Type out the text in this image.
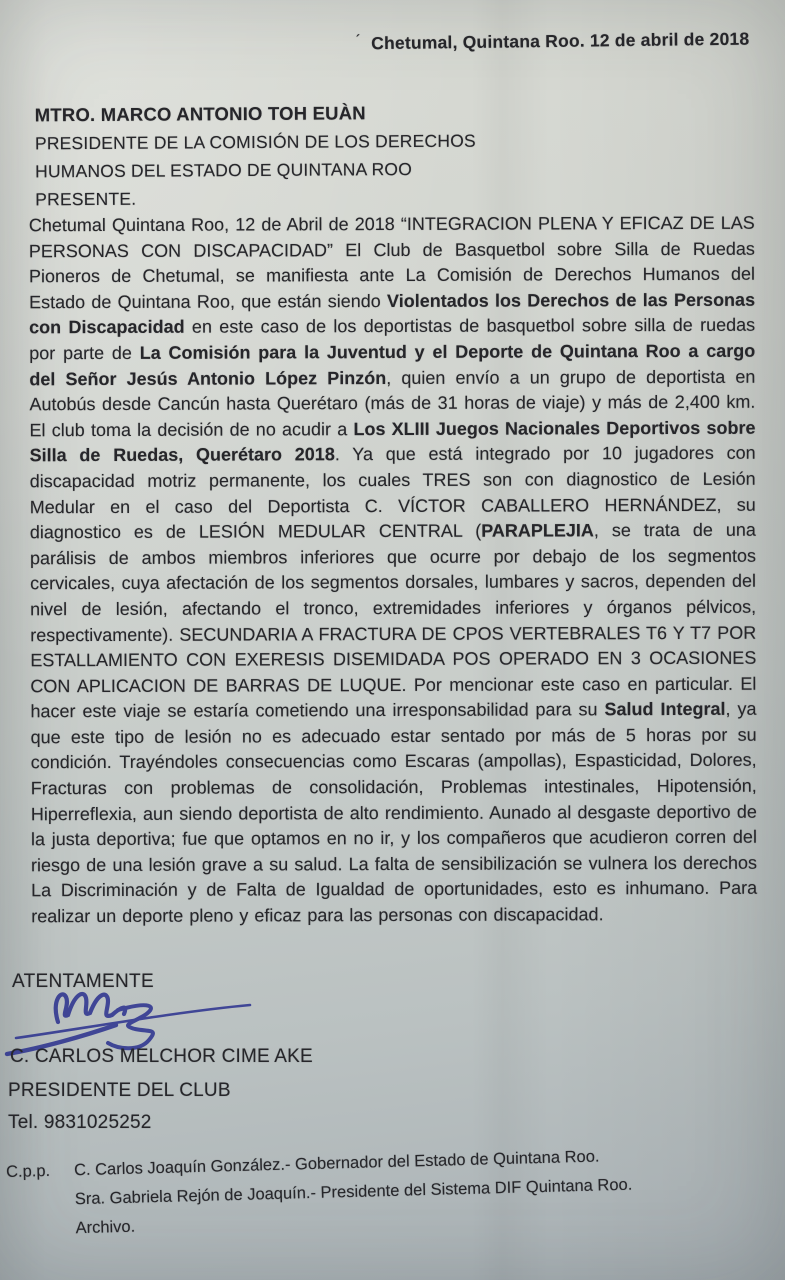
´ Chetumal, Quintana Roo. 12 de abril de 2018
MTRO. MARCO ANTONIO TOH EUÀN
PRESIDENTE DE LA COMISIÓN DE LOS DERECHOS
HUMANOS DEL ESTADO DE QUINTANA ROO
PRESENTE.
Chetumal Quintana Roo, 12 de Abril de 2018 “INTEGRACION PLENA Y EFICAZ DE LAS PERSONAS CON DISCAPACIDAD” El Club de Basquetbol sobre Silla de Ruedas Pioneros de Chetumal, se manifiesta ante La Comisión de Derechos Humanos del Estado de Quintana Roo, que están siendo Violentados los Derechos de las Personas con Discapacidad en este caso de los deportistas de basquetbol sobre silla de ruedas por parte de La Comisión para la Juventud y el Deporte de Quintana Roo a cargo del Señor Jesús Antonio López Pinzón, quien envío a un grupo de deportista en Autobús desde Cancún hasta Querétaro (más de 31 horas de viaje) y más de 2,400 km. El club toma la decisión de no acudir a Los XLIII Juegos Nacionales Deportivos sobre Silla de Ruedas, Querétaro 2018. Ya que está integrado por 10 jugadores con discapacidad motriz permanente, los cuales TRES son con diagnostico de Lesión Medular en el caso del Deportista C. VÍCTOR CABALLERO HERNÁNDEZ, su diagnostico es de LESIÓN MEDULAR CENTRAL (PARAPLEJIA, se trata de una parálisis de ambos miembros inferiores que ocurre por debajo de los segmentos cervicales, cuya afectación de los segmentos dorsales, lumbares y sacros, dependen del nivel de lesión, afectando el tronco, extremidades inferiores y órganos pélvicos, respectivamente). SECUNDARIA A FRACTURA DE CPOS VERTEBRALES T6 Y T7 POR ESTALLAMIENTO CON EXERESIS DISEMIDADA POS OPERADO EN 3 OCASIONES CON APLICACION DE BARRAS DE LUQUE. Por mencionar este caso en particular. El hacer este viaje se estaría cometiendo una irresponsabilidad para su Salud Integral, ya que este tipo de lesión no es adecuado estar sentado por más de 5 horas por su condición. Trayéndoles consecuencias como Escaras (ampollas), Espasticidad, Dolores, Fracturas con problemas de consolidación, Problemas intestinales, Hipotensión, Hiperreflexia, aun siendo deportista de alto rendimiento. Aunado al desgaste deportivo de la justa deportiva; fue que optamos en no ir, y los compañeros que acudieron corren del riesgo de una lesión grave a su salud. La falta de sensibilización se vulnera los derechos La Discriminación y de Falta de Igualdad de oportunidades, esto es inhumano. Para realizar un deporte pleno y eficaz para las personas con discapacidad.
ATENTAMENTE
C. CARLOS MELCHOR CIME AKE
PRESIDENTE DEL CLUB
Tel. 9831025252
C.p.p.	C. Carlos Joaquín González.- Gobernador del Estado de Quintana Roo.
Sra. Gabriela Rejón de Joaquín.- Presidente del Sistema DIF Quintana Roo.
Archivo.
